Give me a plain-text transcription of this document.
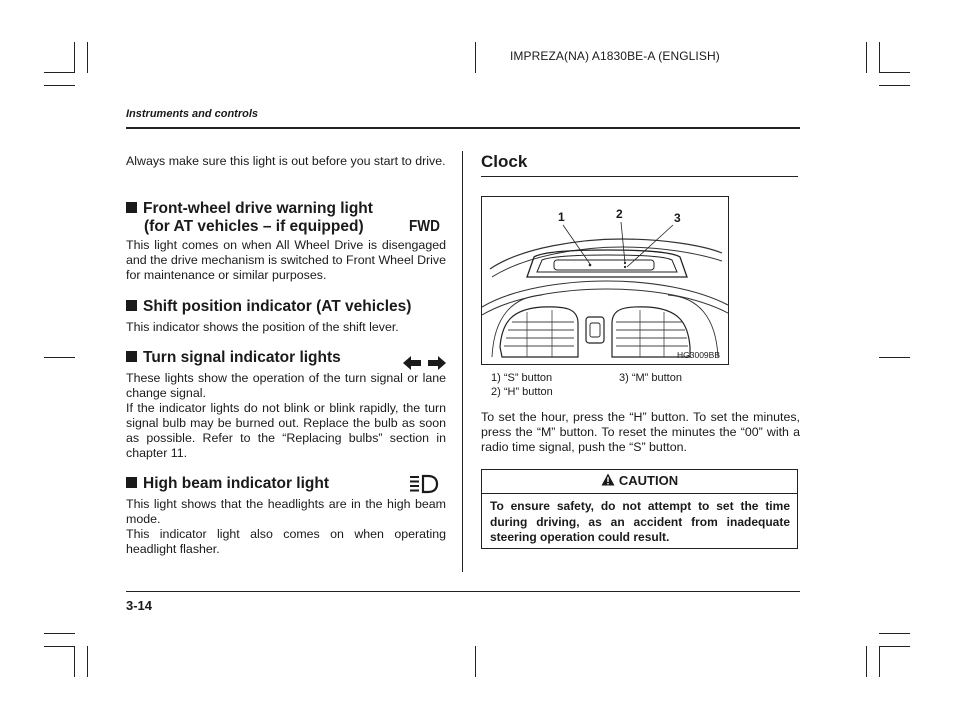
IMPREZA(NA) A1830BE-A (ENGLISH)
Instruments and controls
Always make sure this light is out before you start to drive.
Front-wheel drive warning light
(for AT vehicles – if equipped)	FWD
This light comes on when All Wheel Drive is disengaged and the drive mechanism is switched to Front Wheel Drive for maintenance or similar purposes.
Shift position indicator (AT vehicles)
This indicator shows the position of the shift lever.
Turn signal indicator lights
These lights show the operation of the turn signal or lane change signal.
If the indicator lights do not blink or blink rapidly, the turn signal bulb may be burned out. Replace the bulb as soon as possible. Refer to the “Replacing bulbs” section in chapter 11.
High beam indicator light
This light shows that the headlights are in the high beam mode.
This indicator light also comes on when operating headlight flasher.
Clock
1	2	3
HG3009BB
1) “S” button
2) “H” button
3) “M” button
To set the hour, press the “H” button. To set the minutes, press the “M” button. To reset the minutes the “00” with a radio time signal, push the “S” button.
CAUTION
To ensure safety, do not attempt to set the time during driving, as an accident from inadequate steering operation could result.
3-14
